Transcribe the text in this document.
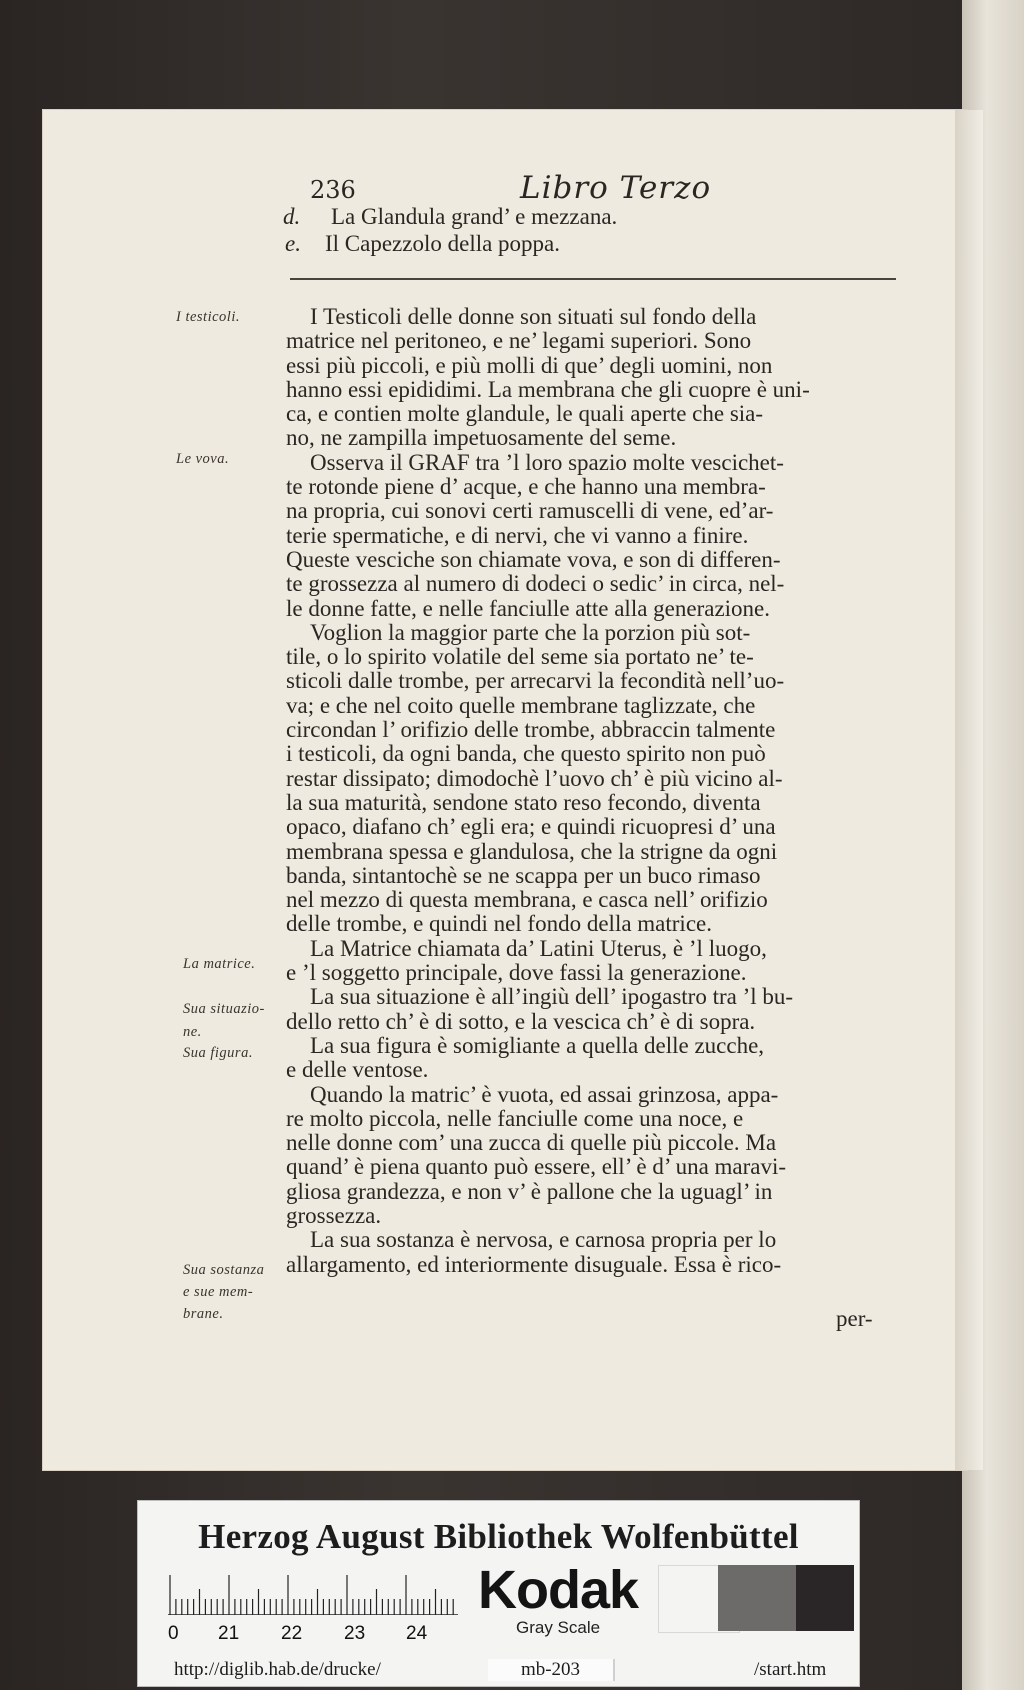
236	Libro Terzo
d. La Glandula grand’ e mezzana.
e. Il Capezzolo della poppa.
I testicoli.
Le vova.
La matrice.
Sua situazio-
ne.
Sua figura.
Sua sostanza
e sue mem-
brane.
I Testicoli delle donne son situati sul fondo della
matrice nel peritoneo, e ne’ legami superiori. Sono
essi più piccoli, e più molli di que’ degli uomini, non
hanno essi epididimi. La membrana che gli cuopre è uni-
ca, e contien molte glandule, le quali aperte che sia-
no, ne zampilla impetuosamente del seme.
Osserva il GRAF tra ’l loro spazio molte vescichet-
te rotonde piene d’ acque, e che hanno una membra-
na propria, cui sonovi certi ramuscelli di vene, ed’ar-
terie spermatiche, e di nervi, che vi vanno a finire.
Queste vesciche son chiamate vova, e son di differen-
te grossezza al numero di dodeci o sedic’ in circa, nel-
le donne fatte, e nelle fanciulle atte alla generazione.
Voglion la maggior parte che la porzion più sot-
tile, o lo spirito volatile del seme sia portato ne’ te-
sticoli dalle trombe, per arrecarvi la fecondità nell’uo-
va; e che nel coito quelle membrane taglizzate, che
circondan l’ orifizio delle trombe, abbraccin talmente
i testicoli, da ogni banda, che questo spirito non può
restar dissipato; dimodochè l’uovo ch’ è più vicino al-
la sua maturità, sendone stato reso fecondo, diventa
opaco, diafano ch’ egli era; e quindi ricuopresi d’ una
membrana spessa e glandulosa, che la strigne da ogni
banda, sintantochè se ne scappa per un buco rimaso
nel mezzo di questa membrana, e casca nell’ orifizio
delle trombe, e quindi nel fondo della matrice.
La Matrice chiamata da’ Latini Uterus, è ’l luogo,
e ’l soggetto principale, dove fassi la generazione.
La sua situazione è all’ingiù dell’ ipogastro tra ’l bu-
dello retto ch’ è di sotto, e la vescica ch’ è di sopra.
La sua figura è somigliante a quella delle zucche,
e delle ventose.
Quando la matric’ è vuota, ed assai grinzosa, appa-
re molto piccola, nelle fanciulle come una noce, e
nelle donne com’ una zucca di quelle più piccole. Ma
quand’ è piena quanto può essere, ell’ è d’ una maravi-
gliosa grandezza, e non v’ è pallone che la uguagl’ in
grossezza.
La sua sostanza è nervosa, e carnosa propria per lo
allargamento, ed interiormente disuguale. Essa è rico-
per-
Herzog August Bibliothek Wolfenbüttel
0 21 22 23 24
Kodak
Gray Scale
http://diglib.hab.de/drucke/	mb-203	/start.htm
